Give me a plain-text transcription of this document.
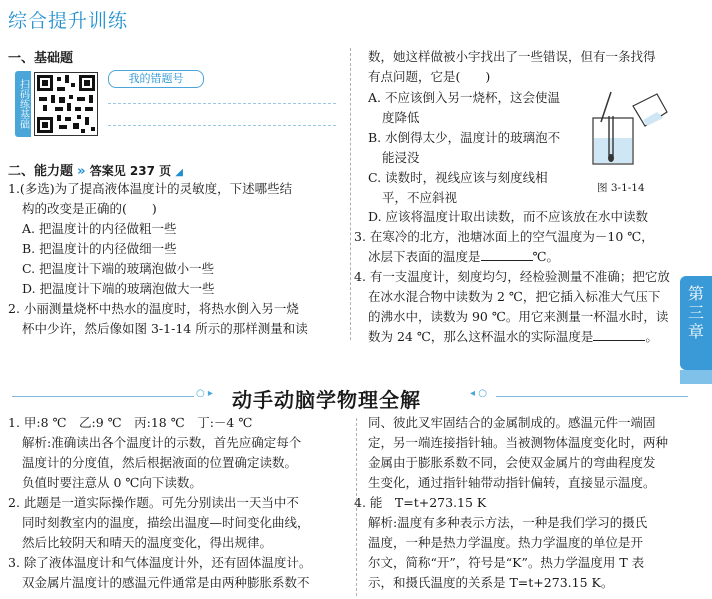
综合提升训练
一、基础题
扫码练基础
我的错题号
二、能力题 » 答案见 237 页 ◢
1.(多选)为了提高液体温度计的灵敏度，下述哪些结
构的改变是正确的(　　)
A. 把温度计的内径做粗一些
B. 把温度计的内径做细一些
C. 把温度计下端的玻璃泡做小一些
D. 把温度计下端的玻璃泡做大一些
2. 小丽测量烧杯中热水的温度时，将热水倒入另一烧
杯中少许，然后像如图 3-1-14 所示的那样测量和读
数，她这样做被小宇找出了一些错误，但有一条找得
有点问题，它是(　　)
A. 不应该倒入另一烧杯，这会使温
度降低
B. 水倒得太少，温度计的玻璃泡不
能浸没
C. 读数时，视线应该与刻度线相
平，不应斜视
图 3-1-14
D. 应该将温度计取出读数，而不应该放在水中读数
3. 在寒冷的北方，池塘冰面上的空气温度为－10 ℃，
冰层下表面的温度是	℃。
4. 有一支温度计，刻度均匀，经检验测量不准确；把它放
在冰水混合物中读数为 2 ℃，把它插入标准大气压下
的沸水中，读数为 90 ℃。用它来测量一杯温水时，读
数为 24 ℃，那么这杯温水的实际温度是	。
第三章
○ ▸ 动手动脑学物理全解	◂ ○
1. 甲:8 ℃　乙:9 ℃　丙:18 ℃　丁:－4 ℃
解析:准确读出各个温度计的示数，首先应确定每个
温度计的分度值，然后根据液面的位置确定读数。
负值时要注意从 0 ℃向下读数。
2. 此题是一道实际操作题。可先分别读出一天当中不
同时刻教室内的温度，描绘出温度—时间变化曲线，
然后比较阴天和晴天的温度变化，得出规律。
3. 除了液体温度计和气体温度计外，还有固体温度计。
双金属片温度计的感温元件通常是由两种膨胀系数不
同、彼此叉牢固结合的金属制成的。感温元件一端固
定，另一端连接指针轴。当被测物体温度变化时，两种
金属由于膨胀系数不同，会使双金属片的弯曲程度发
生变化，通过指针轴带动指针偏转，直接显示温度。
4. 能　T=t+273.15 K
解析:温度有多种表示方法，一种是我们学习的摄氏
温度，一种是热力学温度。热力学温度的单位是开
尔文，简称“开”，符号是“K”。热力学温度用 T 表
示，和摄氏温度的关系是 T=t+273.15 K。
